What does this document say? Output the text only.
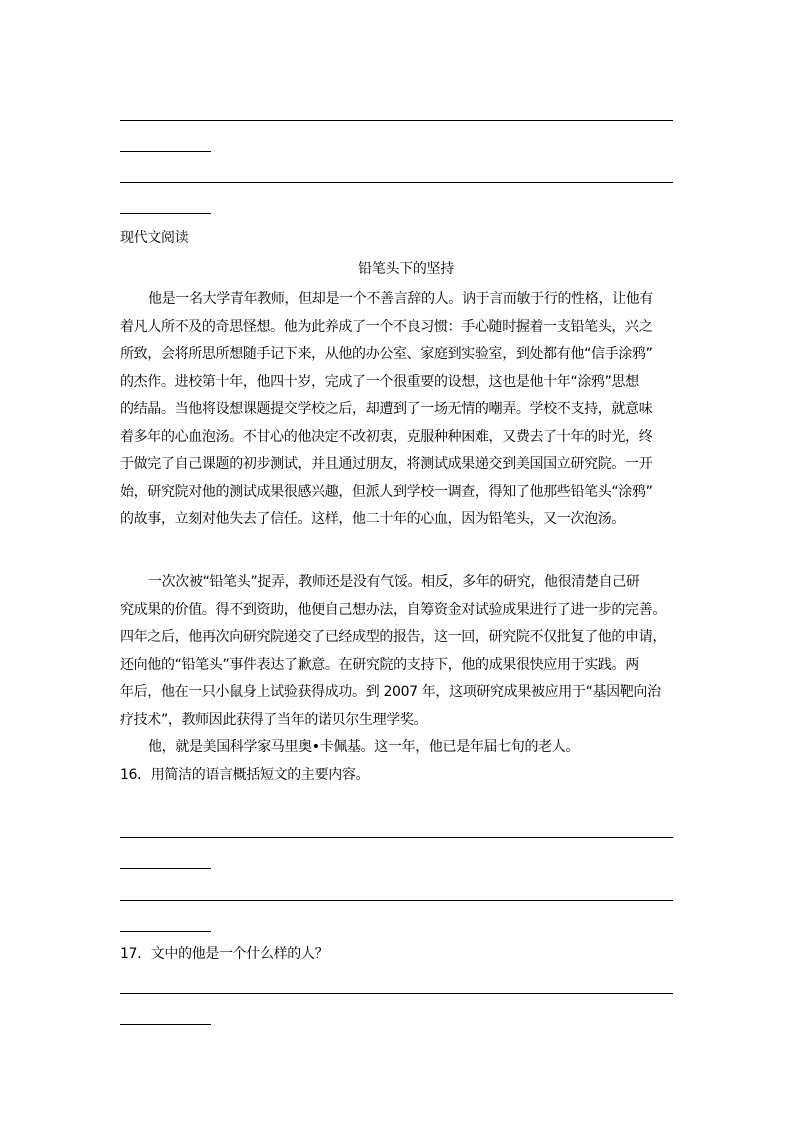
现代文阅读
铅笔头下的坚持
他是一名大学青年教师，但却是一个不善言辞的人。讷于言而敏于行的性格，让他有
着凡人所不及的奇思怪想。他为此养成了一个不良习惯：手心随时握着一支铅笔头，兴之
所致，会将所思所想随手记下来，从他的办公室、家庭到实验室，到处都有他“信手涂鸦”
的杰作。进校第十年，他四十岁，完成了一个很重要的设想，这也是他十年“涂鸦”思想
的结晶。当他将设想课题提交学校之后，却遭到了一场无情的嘲弄。学校不支持，就意味
着多年的心血泡汤。不甘心的他决定不改初衷，克服种种困难，又费去了十年的时光，终
于做完了自己课题的初步测试，并且通过朋友，将测试成果递交到美国国立研究院。一开
始，研究院对他的测试成果很感兴趣，但派人到学校一调查，得知了他那些铅笔头“涂鸦”
的故事，立刻对他失去了信任。这样，他二十年的心血，因为铅笔头，又一次泡汤。
一次次被“铅笔头”捉弄，教师还是没有气馁。相反，多年的研究，他很清楚自己研
究成果的价值。得不到资助，他便自己想办法，自筹资金对试验成果进行了进一步的完善。
四年之后，他再次向研究院递交了已经成型的报告，这一回，研究院不仅批复了他的申请，
还向他的“铅笔头”事件表达了歉意。在研究院的支持下，他的成果很快应用于实践。两
年后，他在一只小鼠身上试验获得成功。到 2007 年，这项研究成果被应用于“基因靶向治
疗技术”，教师因此获得了当年的诺贝尔生理学奖。
他，就是美国科学家马里奥•卡佩基。这一年，他已是年届七旬的老人。
16．用简洁的语言概括短文的主要内容。
17．文中的他是一个什么样的人？
